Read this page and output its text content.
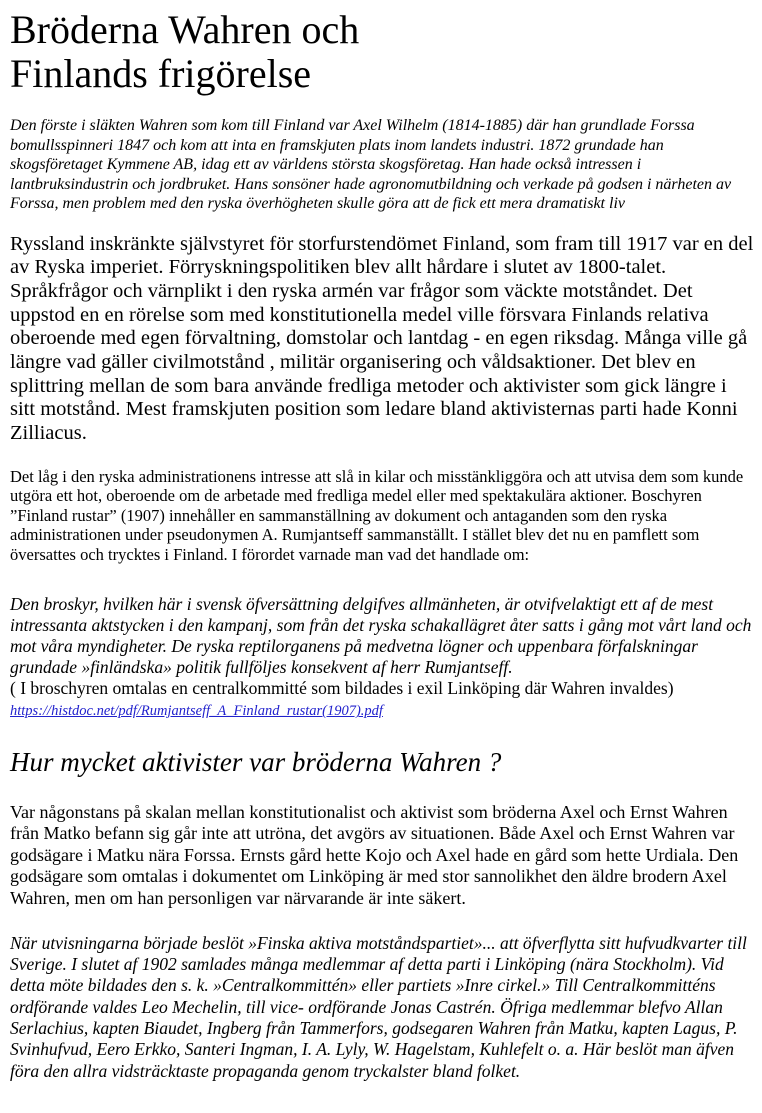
Bröderna Wahren och
Finlands frigörelse

Den förste i släkten Wahren som kom till Finland var Axel Wilhelm (1814-1885) där han grundlade Forssa bomullsspinneri 1847 och kom att inta en framskjuten plats inom landets industri. 1872 grundade han skogsföretaget Kymmene AB, idag ett av världens största skogsföretag. Han hade också intressen i lantbruksindustrin och jordbruket. Hans sonsöner hade agronomutbildning och verkade på godsen i närheten av Forssa, men problem med den ryska överhögheten skulle göra att de fick ett mera dramatiskt liv

Ryssland inskränkte självstyret för storfurstendömet Finland, som fram till 1917 var en del av Ryska imperiet. Förryskningspolitiken blev allt hårdare i slutet av 1800-talet. Språkfrågor och värnplikt i den ryska armén var frågor som väckte motståndet. Det uppstod en en rörelse som med konstitutionella medel ville försvara Finlands relativa oberoende med egen förvaltning, domstolar och lantdag - en egen riksdag. Många ville gå längre vad gäller civilmotstånd , militär organisering och våldsaktioner. Det blev en splittring mellan de som bara använde fredliga metoder och aktivister som gick längre i sitt motstånd. Mest framskjuten position som ledare bland aktivisternas parti hade Konni Zilliacus.

Det låg i den ryska administrationens intresse att slå in kilar och misstänkliggöra och att utvisa dem som kunde utgöra ett hot, oberoende om de arbetade med fredliga medel eller med spektakulära aktioner. Boschyren ”Finland rustar” (1907) innehåller en sammanställning av dokument och antaganden som den ryska administrationen under pseudonymen A. Rumjantseff sammanställt. I stället blev det nu en pamflett som översattes och trycktes i Finland. I förordet varnade man vad det handlade om:

Den broskyr, hvilken här i svensk öfversättning delgifves allmänheten, är otvifvelaktigt ett af de mest intressanta aktstycken i den kampanj, som från det ryska schakallägret åter satts i gång mot vårt land och mot våra myndigheter. De ryska reptilorganens på medvetna lögner och uppenbara förfalskningar grundade »finländska» politik fullföljes konsekvent af herr Rumjantseff.

( I broschyren omtalas en centralkommitté som bildades i exil Linköping där Wahren invaldes)

https://histdoc.net/pdf/Rumjantseff_A_Finland_rustar(1907).pdf

Hur mycket aktivister var bröderna Wahren ?

Var någonstans på skalan mellan konstitutionalist och aktivist som bröderna Axel och Ernst Wahren från Matko befann sig går inte att utröna, det avgörs av situationen. Både Axel och Ernst Wahren var godsägare i Matku nära Forssa. Ernsts gård hette Kojo och Axel hade en gård som hette Urdiala. Den godsägare som omtalas i dokumentet om Linköping är med stor sannolikhet den äldre brodern Axel Wahren, men om han personligen var närvarande är inte säkert.

När utvisningarna började beslöt »Finska aktiva motståndspartiet»... att öfverflytta sitt hufvudkvarter till Sverige. I slutet af 1902 samlades många medlemmar af detta parti i Linköping (nära Stockholm). Vid detta möte bildades den s. k. »Centralkommittén» eller partiets »Inre cirkel.» Till Centralkommitténs ordförande valdes Leo Mechelin, till vice- ordförande Jonas Castrén. Öfriga medlemmar blefvo Allan Serlachius, kapten Biaudet, Ingberg från Tammerfors, godsegaren Wahren från Matku, kapten Lagus, P. Svinhufvud, Eero Erkko, Santeri Ingman, I. A. Lyly, W. Hagelstam, Kuhlefelt o. a. Här beslöt man äfven föra den allra vidsträcktaste propaganda genom tryckalster bland folket.
